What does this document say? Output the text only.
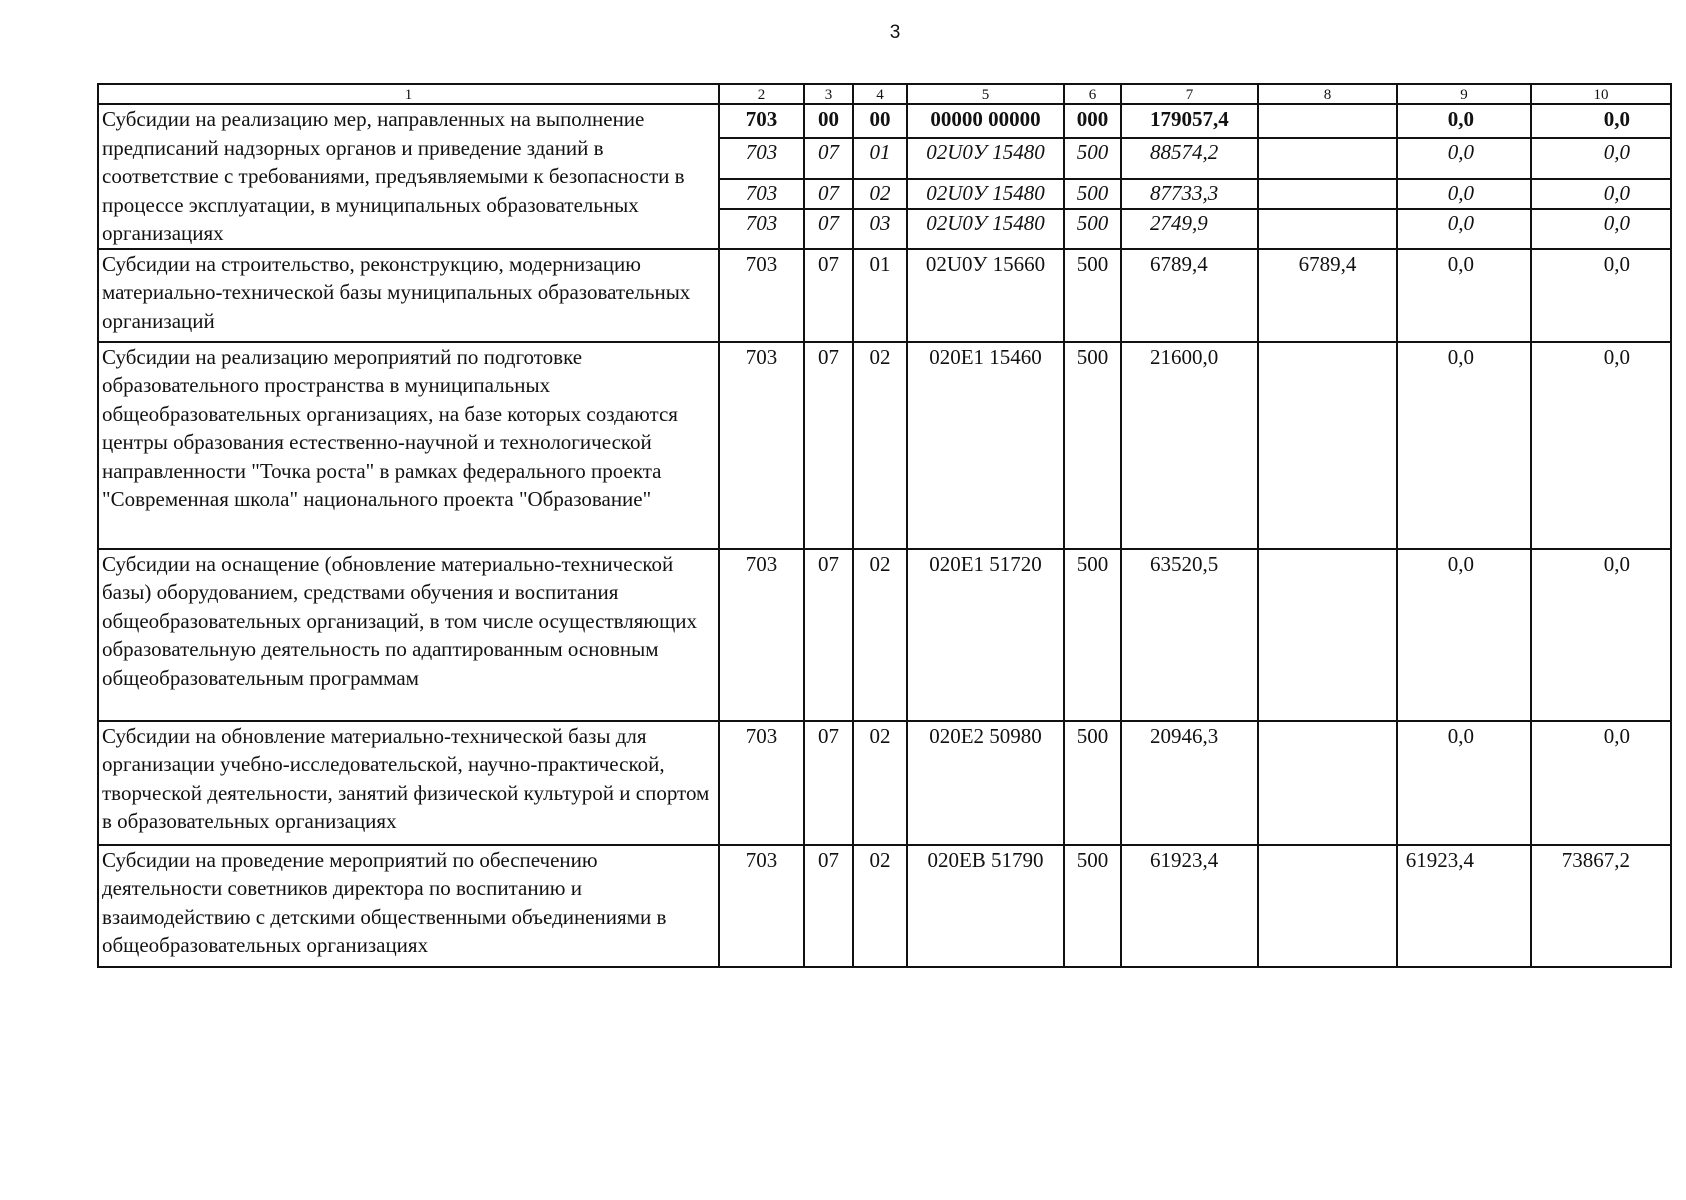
3
1	2	3	4	5	6	7	8	9	10
Субсидии на реализацию мер, направленных на выполнение предписаний надзорных органов и приведение зданий в соответствие с требованиями, предъявляемыми к безопасности в процессе эксплуатации, в муниципальных образовательных организациях	703	00	00	00000 00000	000	179057,4		0,0	0,0
	703	07	01	02U0У 15480	500	88574,2		0,0	0,0
	703	07	02	02U0У 15480	500	87733,3		0,0	0,0
	703	07	03	02U0У 15480	500	2749,9		0,0	0,0
Субсидии на строительство, реконструкцию, модернизацию материально-технической базы муниципальных образовательных организаций	703	07	01	02U0У 15660	500	6789,4	6789,4	0,0	0,0
Субсидии на реализацию мероприятий по подготовке образовательного пространства в муниципальных общеобразовательных организациях, на базе которых создаются центры образования естественно-научной и технологической направленности "Точка роста" в рамках федерального проекта "Современная школа" национального проекта "Образование"	703	07	02	020E1 15460	500	21600,0		0,0	0,0
Субсидии на оснащение (обновление материально-технической базы) оборудованием, средствами обучения и воспитания общеобразовательных организаций, в том числе осуществляющих образовательную деятельность по адаптированным основным общеобразовательным программам	703	07	02	020E1 51720	500	63520,5		0,0	0,0
Субсидии на обновление материально-технической базы для организации учебно-исследовательской, научно-практической, творческой деятельности, занятий физической культурой и спортом в образовательных организациях	703	07	02	020E2 50980	500	20946,3		0,0	0,0
Субсидии на проведение мероприятий по обеспечению деятельности советников директора по воспитанию и взаимодействию с детскими общественными объединениями в общеобразовательных организациях	703	07	02	020EВ 51790	500	61923,4		61923,4	73867,2
